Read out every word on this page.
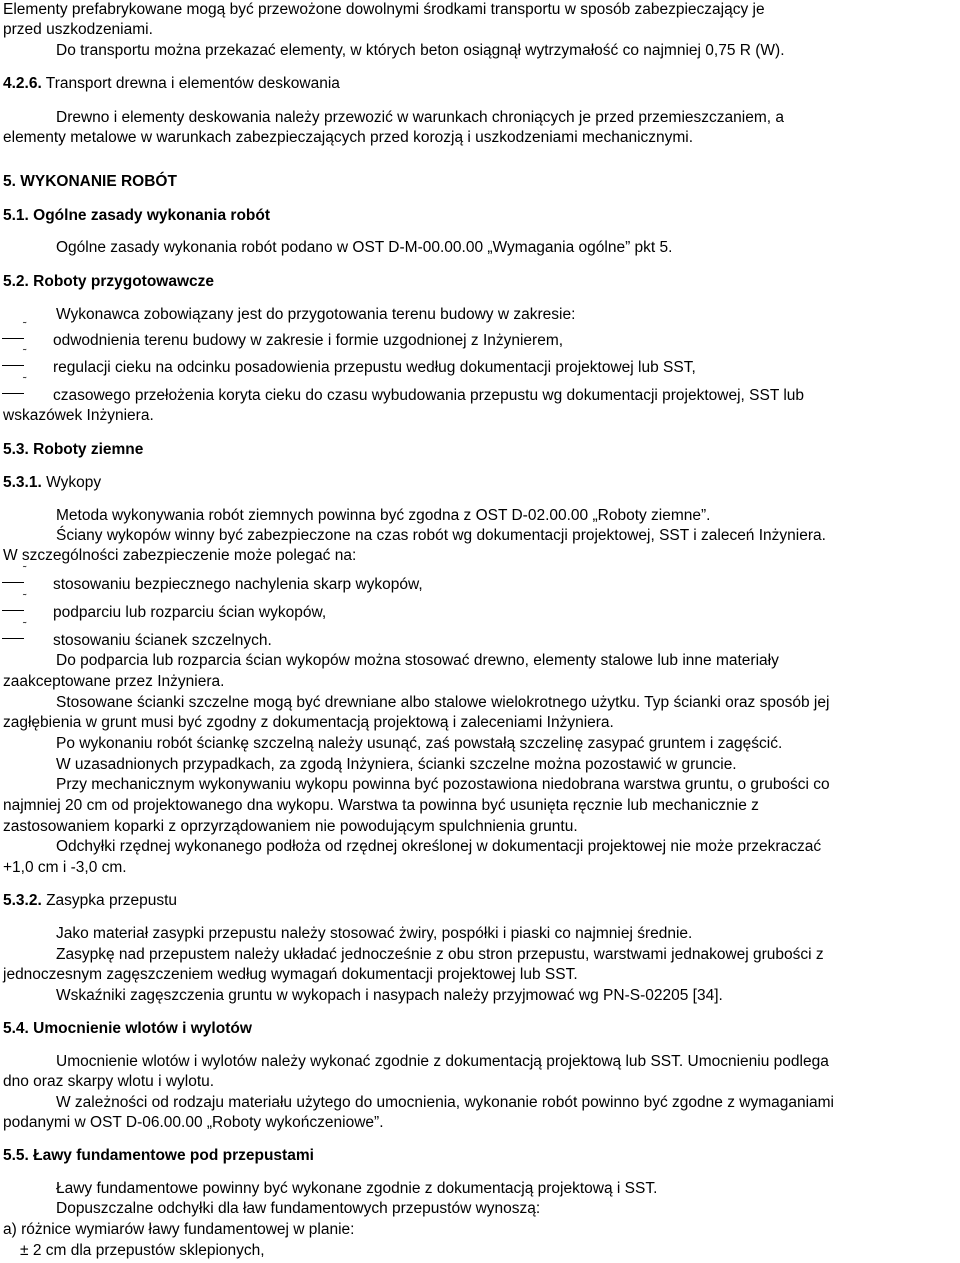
Elementy prefabrykowane mogą być przewożone dowolnymi środkami transportu w sposób zabezpieczający je

przed uszkodzeniami.

Do transportu można przekazać elementy, w których beton osiągnął wytrzymałość co najmniej 0,75 R (W).

4.2.6. Transport drewna i elementów deskowania

Drewno i elementy deskowania należy przewozić w warunkach chroniących je przed przemieszczaniem, a

elementy metalowe w warunkach zabezpieczających przed korozją i uszkodzeniami mechanicznymi.

5. WYKONANIE ROBÓT

5.1. Ogólne zasady wykonania robót

Ogólne zasady wykonania robót podano w OST D-M-00.00.00 „Wymagania ogólne” pkt 5.

5.2. Roboty przygotowawcze

Wykonawca zobowiązany jest do przygotowania terenu budowy w zakresie:

˜

odwodnienia terenu budowy w zakresie i formie uzgodnionej z Inżynierem,

˜

regulacji cieku na odcinku posadowienia przepustu według dokumentacji projektowej lub SST,

˜

czasowego przełożenia koryta cieku do czasu wybudowania przepustu wg dokumentacji projektowej, SST lub

wskazówek Inżyniera.

5.3. Roboty ziemne

5.3.1. Wykopy

Metoda wykonywania robót ziemnych powinna być zgodna z OST D-02.00.00 „Roboty ziemne”.

Ściany wykopów winny być zabezpieczone na czas robót wg dokumentacji projektowej, SST i zaleceń Inżyniera.

W szczególności zabezpieczenie może polegać na:

˜

stosowaniu bezpiecznego nachylenia skarp wykopów,

˜

podparciu lub rozparciu ścian wykopów,

˜

stosowaniu ścianek szczelnych.

Do podparcia lub rozparcia ścian wykopów można stosować drewno, elementy stalowe lub inne materiały

zaakceptowane przez Inżyniera.

Stosowane ścianki szczelne mogą być drewniane albo stalowe wielokrotnego użytku. Typ ścianki oraz sposób jej

zagłębienia w grunt musi być zgodny z dokumentacją projektową i zaleceniami Inżyniera.

Po wykonaniu robót ściankę szczelną należy usunąć, zaś powstałą szczelinę zasypać gruntem i zagęścić.

W uzasadnionych przypadkach, za zgodą Inżyniera, ścianki szczelne można pozostawić w gruncie.

Przy mechanicznym wykonywaniu wykopu powinna być pozostawiona niedobrana warstwa gruntu, o grubości co

najmniej 20 cm od projektowanego dna wykopu. Warstwa ta powinna być usunięta ręcznie lub mechanicznie z

zastosowaniem koparki z oprzyrządowaniem nie powodującym spulchnienia gruntu.

Odchyłki rzędnej wykonanego podłoża od rzędnej określonej w dokumentacji projektowej nie może przekraczać

+1,0 cm i -3,0 cm.

5.3.2. Zasypka przepustu

Jako materiał zasypki przepustu należy stosować żwiry, pospółki i piaski co najmniej średnie.

Zasypkę nad przepustem należy układać jednocześnie z obu stron przepustu, warstwami jednakowej grubości z

jednoczesnym zagęszczeniem według wymagań dokumentacji projektowej lub SST.

Wskaźniki zagęszczenia gruntu w wykopach i nasypach należy przyjmować wg PN-S-02205 [34].

5.4. Umocnienie wlotów i wylotów

Umocnienie wlotów i wylotów należy wykonać zgodnie z dokumentacją projektową lub SST. Umocnieniu podlega

dno oraz skarpy wlotu i wylotu.

W zależności od rodzaju materiału użytego do umocnienia, wykonanie robót powinno być zgodne z wymaganiami

podanymi w OST D-06.00.00 „Roboty wykończeniowe”.

5.5. Ławy fundamentowe pod przepustami

Ławy fundamentowe powinny być wykonane zgodnie z dokumentacją projektową i SST.

Dopuszczalne odchyłki dla ław fundamentowych przepustów wynoszą:

a) różnice wymiarów ławy fundamentowej w planie:

± 2 cm dla przepustów sklepionych,
